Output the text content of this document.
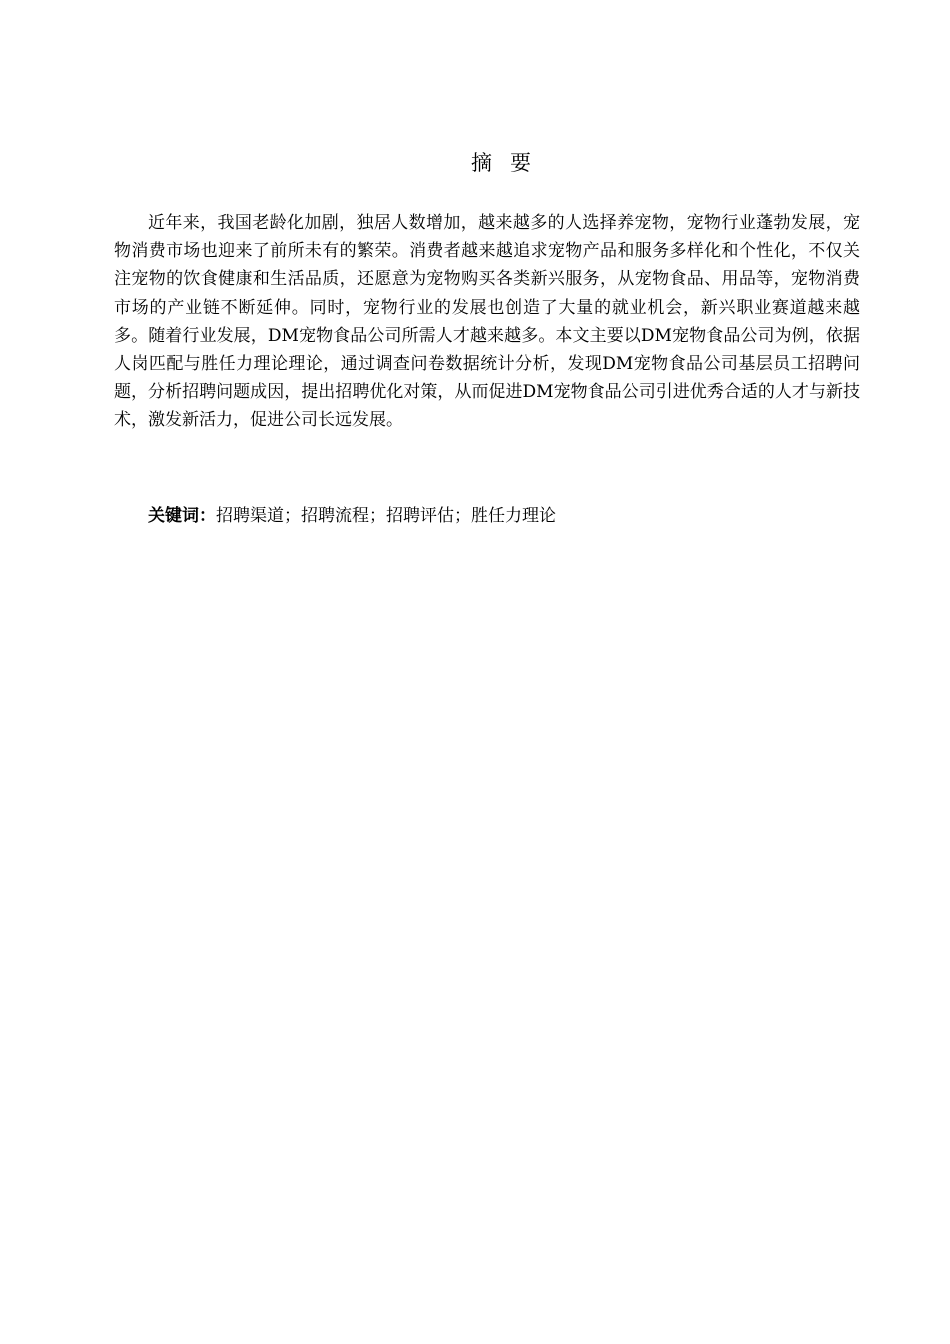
摘要

近年来，我国老龄化加剧，独居人数增加，越来越多的人选择养宠物，宠物行业蓬勃发展，宠物消费市场也迎来了前所未有的繁荣。消费者越来越追求宠物产品和服务多样化和个性化，不仅关注宠物的饮食健康和生活品质，还愿意为宠物购买各类新兴服务，从宠物食品、用品等，宠物消费市场的产业链不断延伸。同时，宠物行业的发展也创造了大量的就业机会，新兴职业赛道越来越多。随着行业发展，DM宠物食品公司所需人才越来越多。本文主要以DM宠物食品公司为例，依据人岗匹配与胜任力理论理论，通过调查问卷数据统计分析，发现DM宠物食品公司基层员工招聘问题，分析招聘问题成因，提出招聘优化对策，从而促进DM宠物食品公司引进优秀合适的人才与新技术，激发新活力，促进公司长远发展。

关键词：招聘渠道；招聘流程；招聘评估；胜任力理论
